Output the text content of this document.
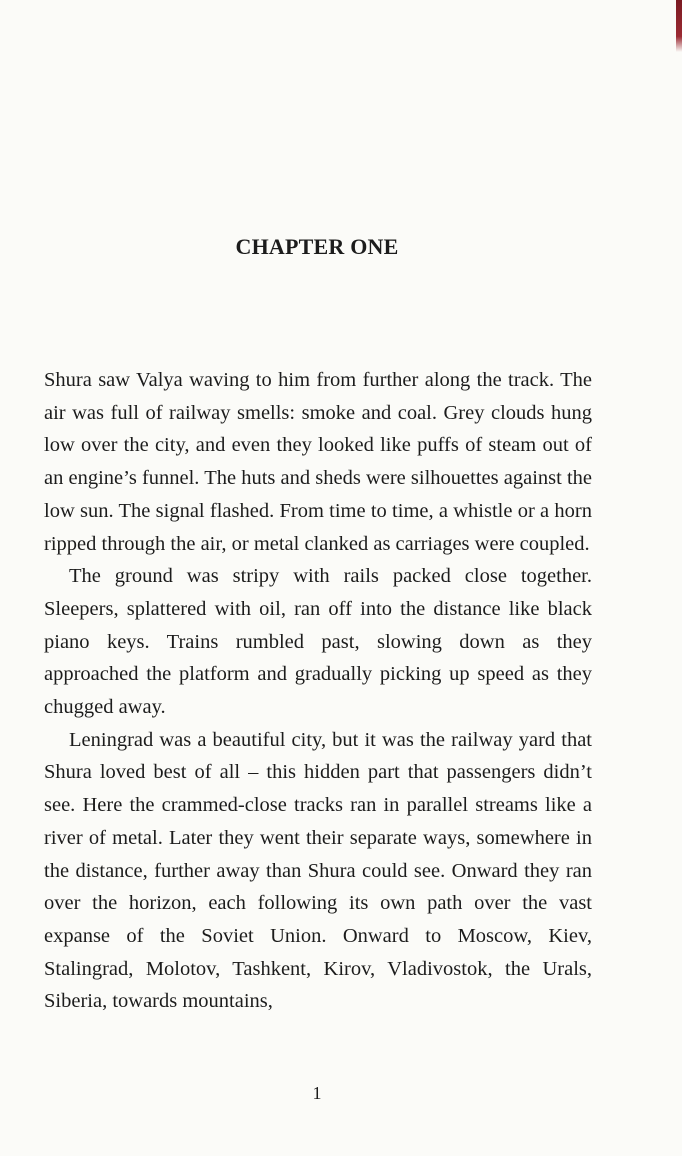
CHAPTER ONE

Shura saw Valya waving to him from further along the track. The air was full of railway smells: smoke and coal. Grey clouds hung low over the city, and even they looked like puffs of steam out of an engine’s funnel. The huts and sheds were silhouettes against the low sun. The signal flashed. From time to time, a whistle or a horn ripped through the air, or metal clanked as carriages were coupled.

The ground was stripy with rails packed close together. Sleepers, splattered with oil, ran off into the distance like black piano keys. Trains rumbled past, slowing down as they approached the platform and gradually picking up speed as they chugged away.

Leningrad was a beautiful city, but it was the railway yard that Shura loved best of all – this hidden part that passengers didn’t see. Here the crammed-close tracks ran in parallel streams like a river of metal. Later they went their separate ways, somewhere in the distance, further away than Shura could see. Onward they ran over the horizon, each following its own path over the vast expanse of the Soviet Union. Onward to Moscow, Kiev, Stalingrad, Molotov, Tashkent, Kirov, Vladivostok, the Urals, Siberia, towards mountains,

1
